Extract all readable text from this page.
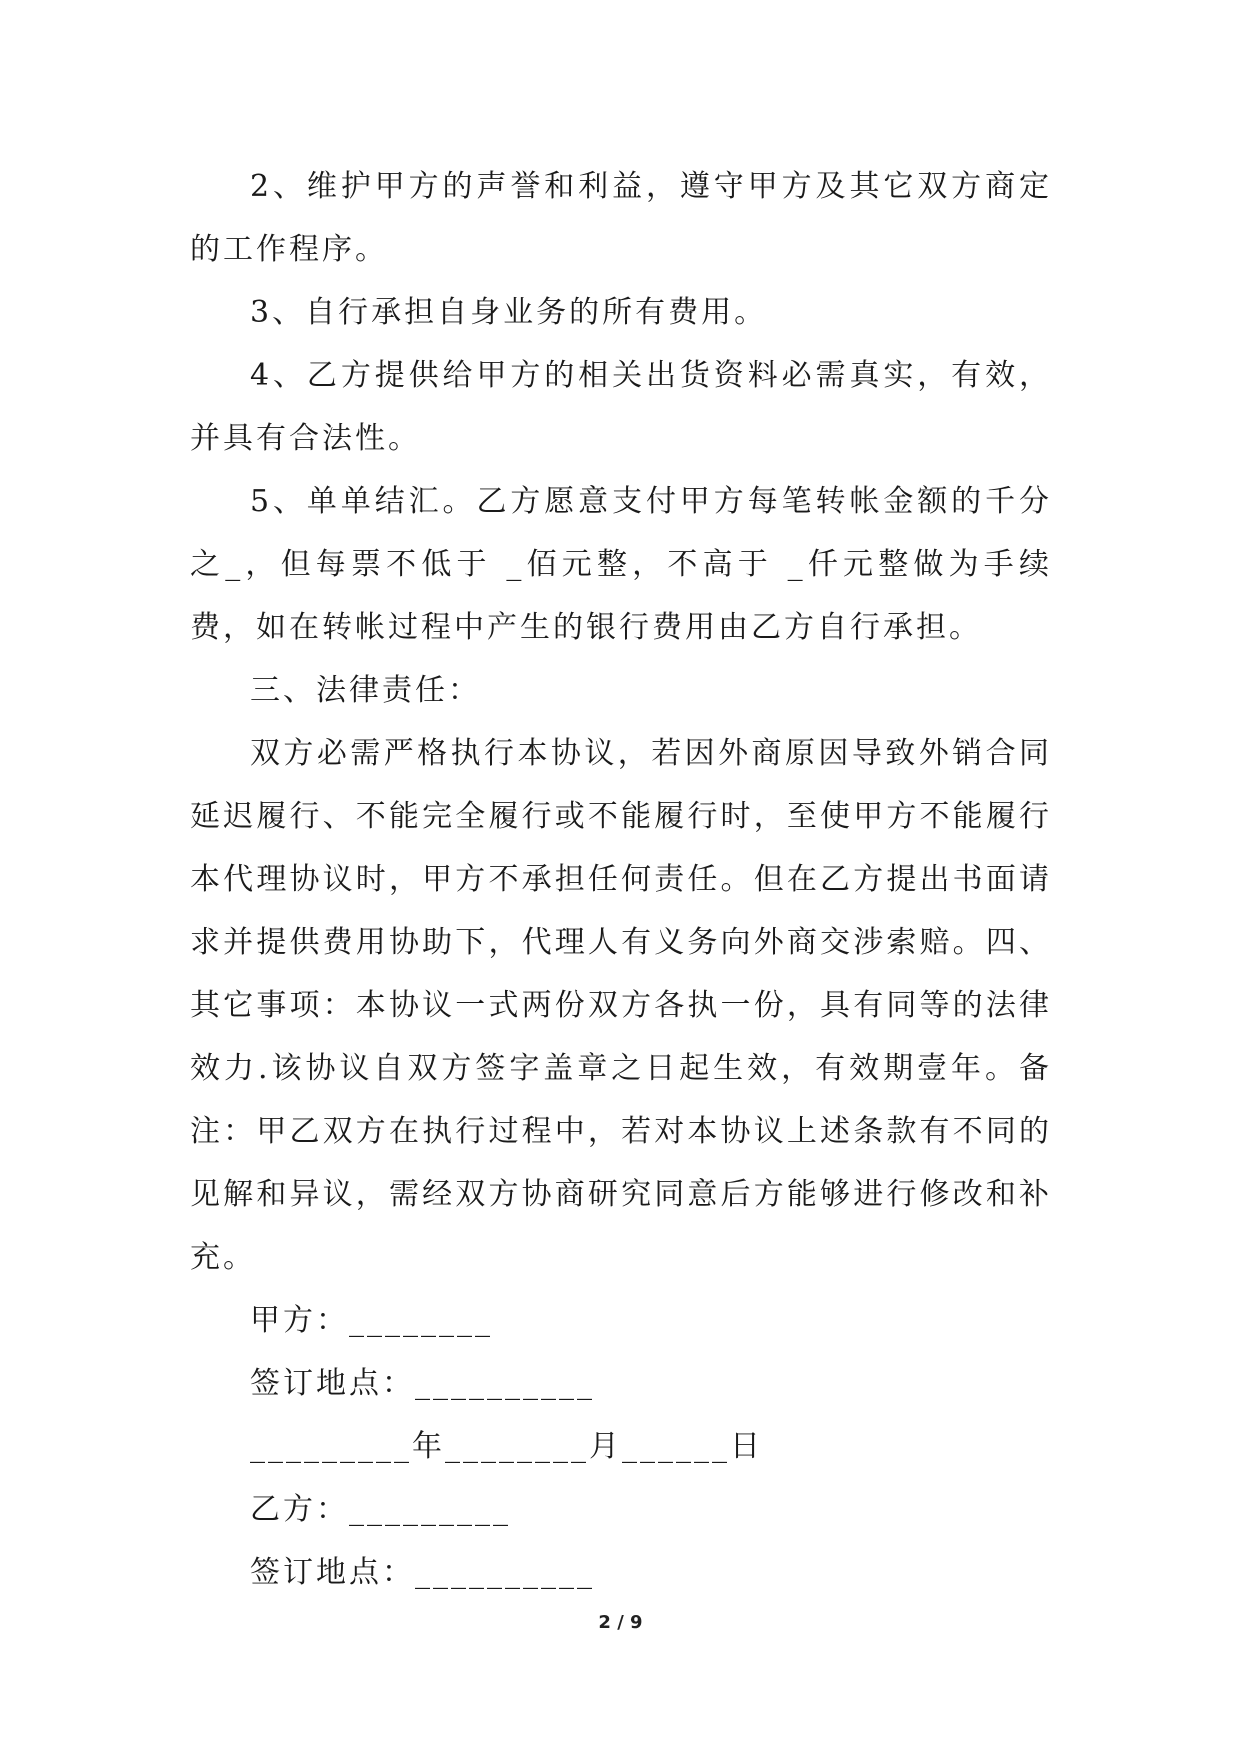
2、维护甲方的声誉和利益，遵守甲方及其它双方商定的工作程序。

3、自行承担自身业务的所有费用。

4、乙方提供给甲方的相关出货资料必需真实，有效，并具有合法性。

5、单单结汇。乙方愿意支付甲方每笔转帐金额的千分之_，但每票不低于 _佰元整，不高于 _仟元整做为手续费，如在转帐过程中产生的银行费用由乙方自行承担。

三、法律责任：

双方必需严格执行本协议，若因外商原因导致外销合同延迟履行、不能完全履行或不能履行时，至使甲方不能履行本代理协议时，甲方不承担任何责任。但在乙方提出书面请求并提供费用协助下，代理人有义务向外商交涉索赔。四、其它事项：本协议一式两份双方各执一份，具有同等的法律效力.该协议自双方签字盖章之日起生效，有效期壹年。备注：甲乙双方在执行过程中，若对本协议上述条款有不同的见解和异议，需经双方协商研究同意后方能够进行修改和补充。

甲方：________

签订地点：__________

_________年________月______日

乙方：_________

签订地点：__________

2 / 9
